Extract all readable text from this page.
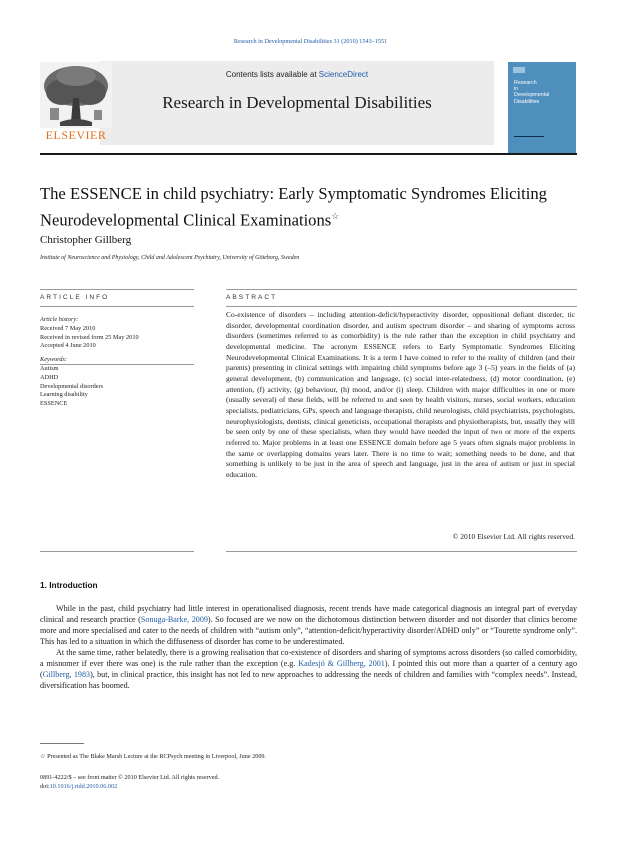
Research in Developmental Disabilities 31 (2010) 1543–1551
Contents lists available at ScienceDirect
Research in Developmental Disabilities
ELSEVIER
Research
in
Developmental
Disabilities
The ESSENCE in child psychiatry: Early Symptomatic Syndromes Eliciting Neurodevelopmental Clinical Examinations☆
Christopher Gillberg
Institute of Neuroscience and Physiology, Child and Adolescent Psychiatry, University of Göteborg, Sweden
ARTICLE INFO
Article history:
Received 7 May 2010
Received in revised form 25 May 2010
Accepted 4 June 2010
Keywords:
Autism
ADHD
Developmental disorders
Learning disability
ESSENCE
ABSTRACT
Co-existence of disorders – including attention-deficit/hyperactivity disorder, oppositional defiant disorder, tic disorder, developmental coordination disorder, and autism spectrum disorder – and sharing of symptoms across disorders (sometimes referred to as comorbidity) is the rule rather than the exception in child psychiatry and developmental medicine. The acronym ESSENCE refers to Early Symptomatic Syndromes Eliciting Neurodevelopmental Clinical Examinations. It is a term I have coined to refer to the reality of children (and their parents) presenting in clinical settings with impairing child symptoms before age 3 (–5) years in the fields of (a) general development, (b) communication and language, (c) social inter-relatedness, (d) motor coordination, (e) attention, (f) activity, (g) behaviour, (h) mood, and/or (i) sleep. Children with major difficulties in one or more (usually several) of these fields, will be referred to and seen by health visitors, nurses, social workers, education specialists, pediatricians, GPs, speech and language therapists, child neurologists, child psychiatrists, psychologists, neurophysiologists, dentists, clinical geneticists, occupational therapists and physiotherapists, but, usually they will be seen only by one of these specialists, when they would have needed the input of two or more of the experts referred to. Major problems in at least one ESSENCE domain before age 5 years often signals major problems in the same or overlapping domains years later. There is no time to wait; something needs to be done, and that something is unlikely to be just in the area of speech and language, just in the area of autism or just in special education.
© 2010 Elsevier Ltd. All rights reserved.
1. Introduction

While in the past, child psychiatry had little interest in operationalised diagnosis, recent trends have made categorical diagnosis an integral part of everyday clinical and research practice (Sonuga-Barke, 2009). So focused are we now on the dichotomous distinction between disorder and not disorder that clinics become more and more specialised and cater to the needs of children with “autism only”, “attention-deficit/hyperactivity disorder/ADHD only” or “Tourette syndrome only”. This has led to a situation in which the diffuseness of disorder has come to be underestimated.

At the same time, rather belatedly, there is a growing realisation that co-existence of disorders and sharing of symptoms across disorders (so called comorbidity, a misnomer if ever there was one) is the rule rather than the exception (e.g. Kadesjö & Gillberg, 2001). I pointed this out more than a quarter of a century ago (Gillberg, 1983), but, in clinical practice, this insight has not led to new approaches to addressing the needs of children and families with “complex needs”. Instead, diversification has boomed.

☆ Presented as The Blake Marsh Lecture at the RCPsych meeting in Liverpool, June 2009.
0891-4222/$ – see front matter © 2010 Elsevier Ltd. All rights reserved.
doi:10.1016/j.ridd.2010.06.002
